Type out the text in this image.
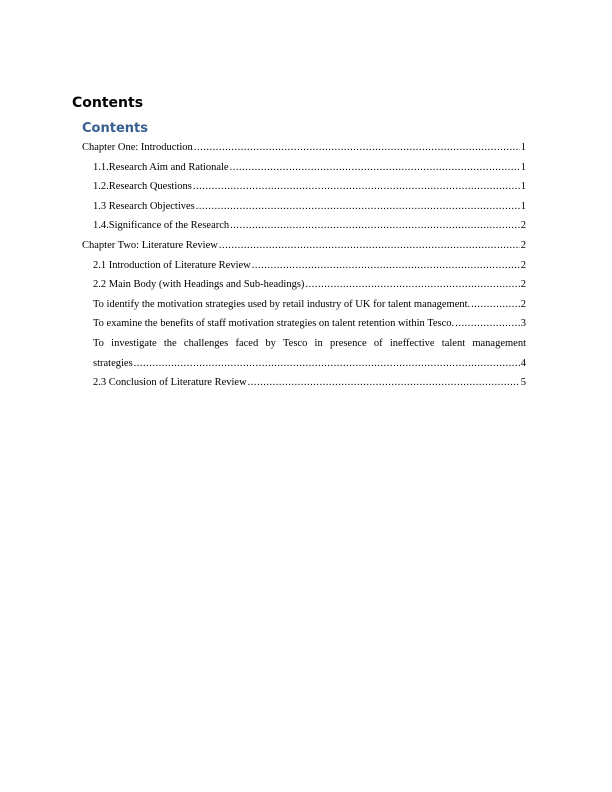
Contents
Contents
Chapter One: Introduction .....	1
1.1. Research Aim and Rationale .....	1
1.2. Research Questions .....	1
1.3 Research Objectives .....	1
1.4. Significance of the Research .....	2
Chapter Two: Literature Review .....	2
2.1 Introduction of Literature Review .....	2
2.2 Main Body (with Headings and Sub-headings) .....	2
To identify the motivation strategies used by retail industry of UK for talent management. .....	2
To examine the benefits of staff motivation strategies on talent retention within Tesco. .....	3
To investigate the challenges faced by Tesco in presence of ineffective talent management
strategies .....	4
2.3 Conclusion of Literature Review .....	5
